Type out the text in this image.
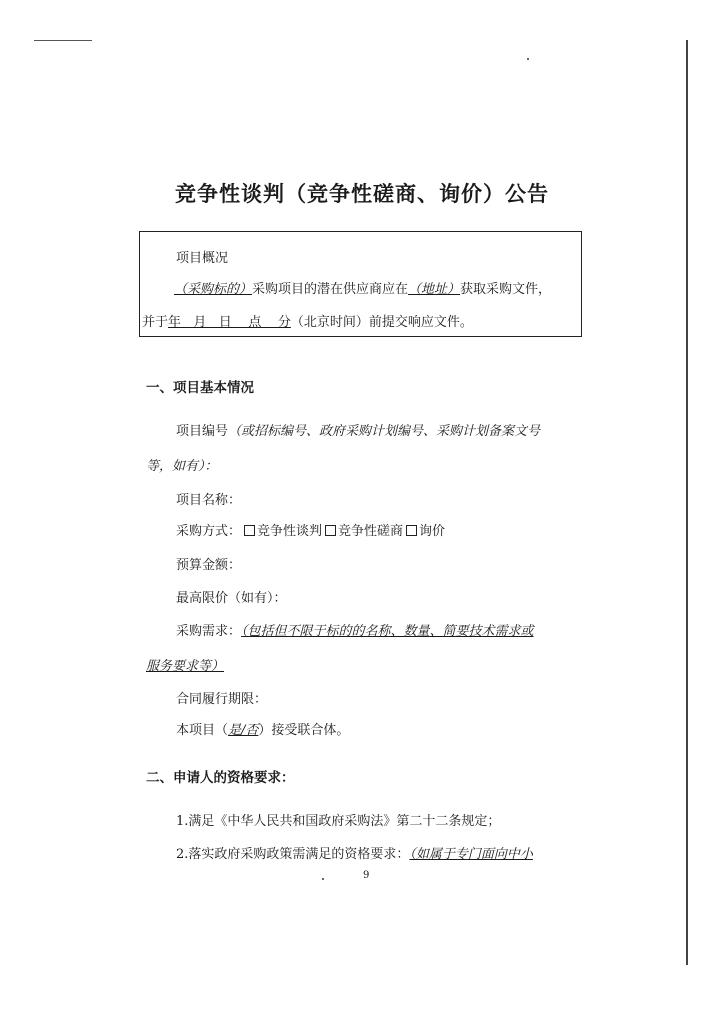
竞争性谈判（竞争性磋商、询价）公告
项目概况
（采购标的）采购项目的潜在供应商应在（地址）获取采购文件，
并于年   月   日    点    分（北京时间）前提交响应文件。
一、项目基本情况
项目编号（或招标编号、政府采购计划编号、采购计划备案文号
等，如有）：
项目名称：
采购方式： 竞争性谈判 竞争性磋商 询价
预算金额：
最高限价（如有）：
采购需求：（包括但不限于标的的名称、数量、简要技术需求或
服务要求等）
合同履行期限：
本项目（是/否）接受联合体。
二、申请人的资格要求：
1.满足《中华人民共和国政府采购法》第二十二条规定；
2.落实政府采购政策需满足的资格要求：（如属于专门面向中小
9
